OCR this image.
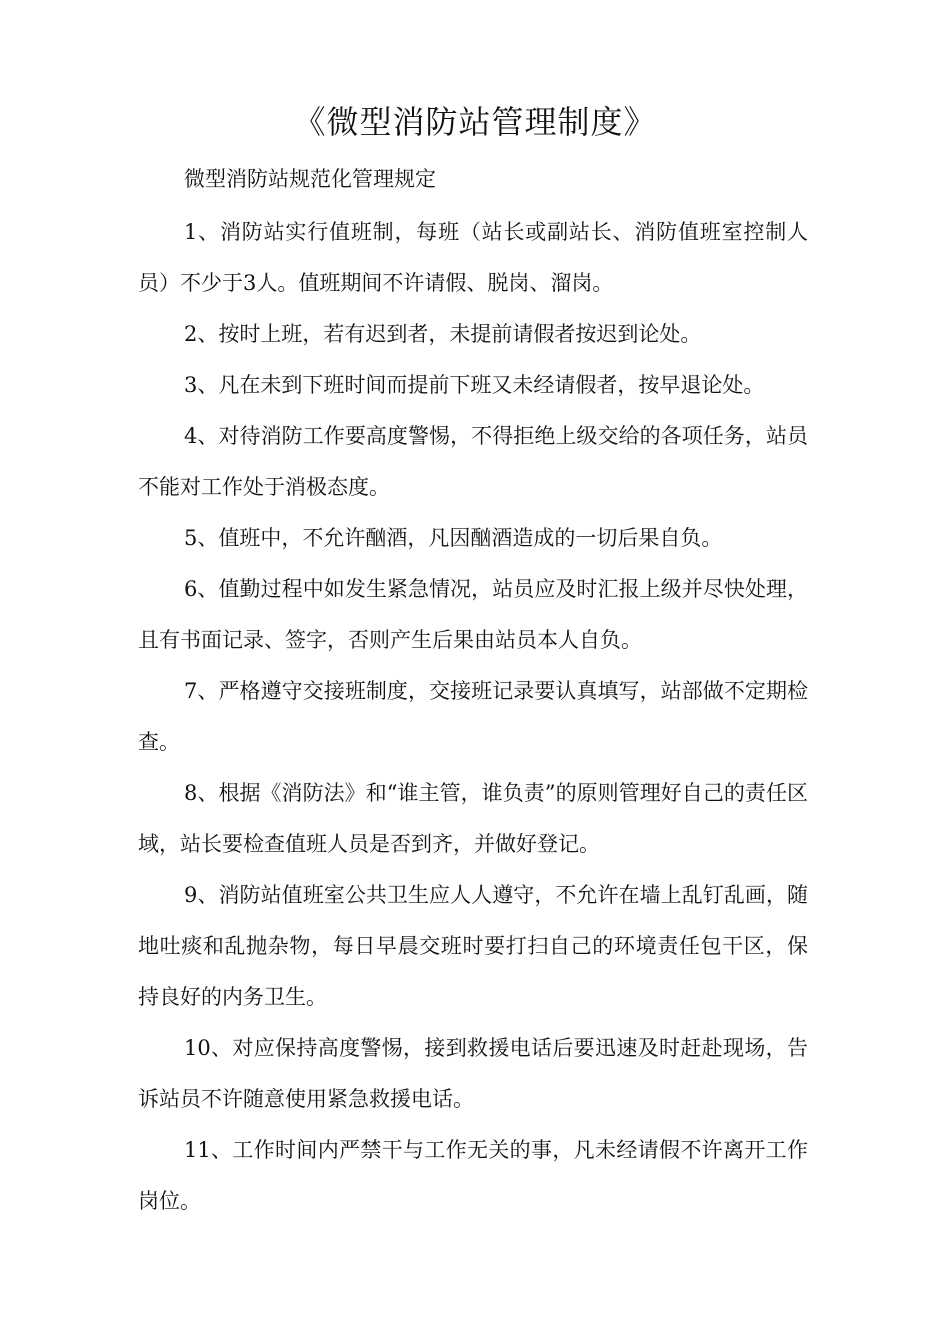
《微型消防站管理制度》

微型消防站规范化管理规定

1、消防站实行值班制，每班（站长或副站长、消防值班室控制人员）不少于3人。值班期间不许请假、脱岗、溜岗。

2、按时上班，若有迟到者，未提前请假者按迟到论处。

3、凡在未到下班时间而提前下班又未经请假者，按早退论处。

4、对待消防工作要高度警惕，不得拒绝上级交给的各项任务，站员不能对工作处于消极态度。

5、值班中，不允许酗酒，凡因酗酒造成的一切后果自负。

6、值勤过程中如发生紧急情况，站员应及时汇报上级并尽快处理，且有书面记录、签字，否则产生后果由站员本人自负。

7、严格遵守交接班制度，交接班记录要认真填写，站部做不定期检查。

8、根据《消防法》和“谁主管，谁负责”的原则管理好自己的责任区域，站长要检查值班人员是否到齐，并做好登记。

9、消防站值班室公共卫生应人人遵守，不允许在墙上乱钉乱画，随地吐痰和乱抛杂物，每日早晨交班时要打扫自己的环境责任包干区，保持良好的内务卫生。

10、对应保持高度警惕，接到救援电话后要迅速及时赶赴现场，告诉站员不许随意使用紧急救援电话。

11、工作时间内严禁干与工作无关的事，凡未经请假不许离开工作岗位。
